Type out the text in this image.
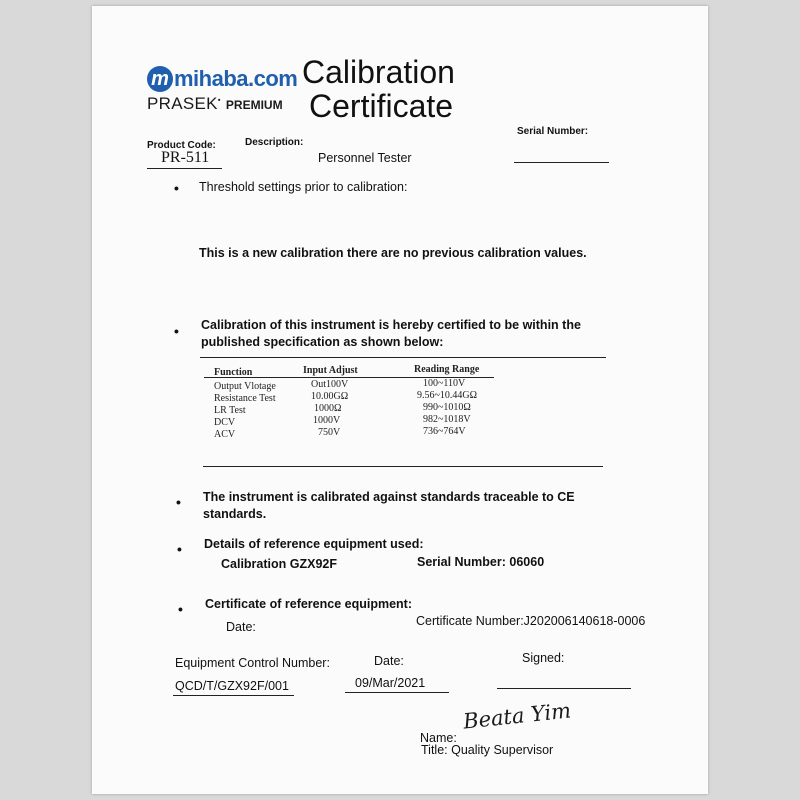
m mihaba.com
PRASEK• PREMIUM
Calibration
Certificate
Product Code:	Description:
Serial Number:
PR-511	Personnel Tester
• Threshold settings prior to calibration:
This is a new calibration there are no previous calibration values.
• Calibration of this instrument is hereby certified to be within the
published specification as shown below:
Function	Input Adjust	Reading Range
Output Vlotage	Out100V	100~110V
Resistance Test	10.00GΩ	9.56~10.44GΩ
LR Test	1000Ω	990~1010Ω
DCV	1000V	982~1018V
ACV	750V	736~764V
• The instrument is calibrated against standards traceable to CE
standards.
• Details of reference equipment used:
Calibration GZX92F	Serial Number: 06060
• Certificate of reference equipment:
Date:	Certificate Number:J202006140618-0006
Equipment Control Number:	Date:	Signed:
QCD/T/GZX92F/001	09/Mar/2021
Name:
Beata Yim
Title: Quality Supervisor
